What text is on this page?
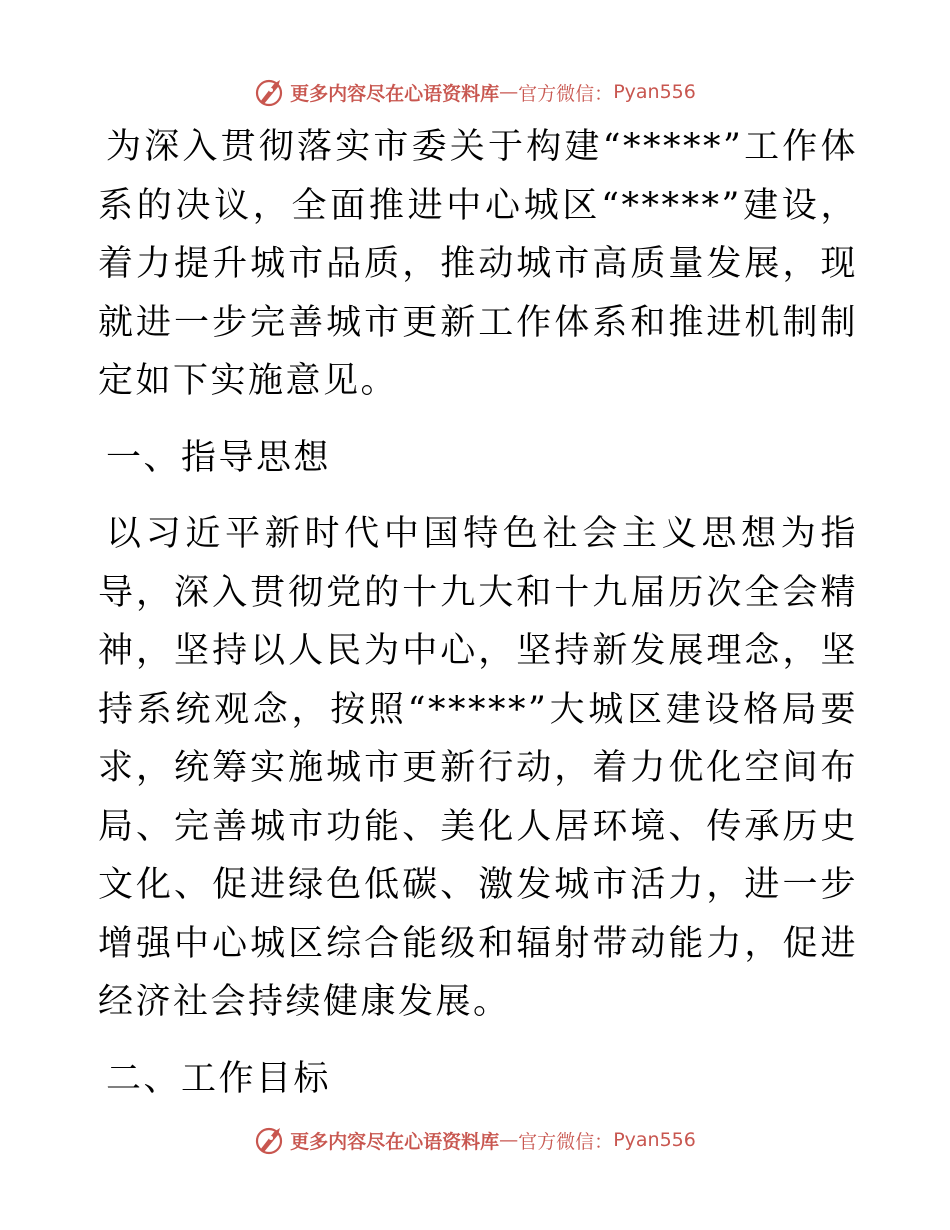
更多内容尽在心语资料库 — 官方微信： Pyan556

为深入贯彻落实市委关于构建“*****”工作体系的决议，全面推进中心城区“*****”建设，着力提升城市品质，推动城市高质量发展，现就进一步完善城市更新工作体系和推进机制制定如下实施意见。

一、指导思想

以习近平新时代中国特色社会主义思想为指导，深入贯彻党的十九大和十九届历次全会精神，坚持以人民为中心，坚持新发展理念，坚持系统观念，按照“*****”大城区建设格局要求，统筹实施城市更新行动，着力优化空间布局、完善城市功能、美化人居环境、传承历史文化、促进绿色低碳、激发城市活力，进一步增强中心城区综合能级和辐射带动能力，促进经济社会持续健康发展。

二、工作目标

更多内容尽在心语资料库 — 官方微信： Pyan556
